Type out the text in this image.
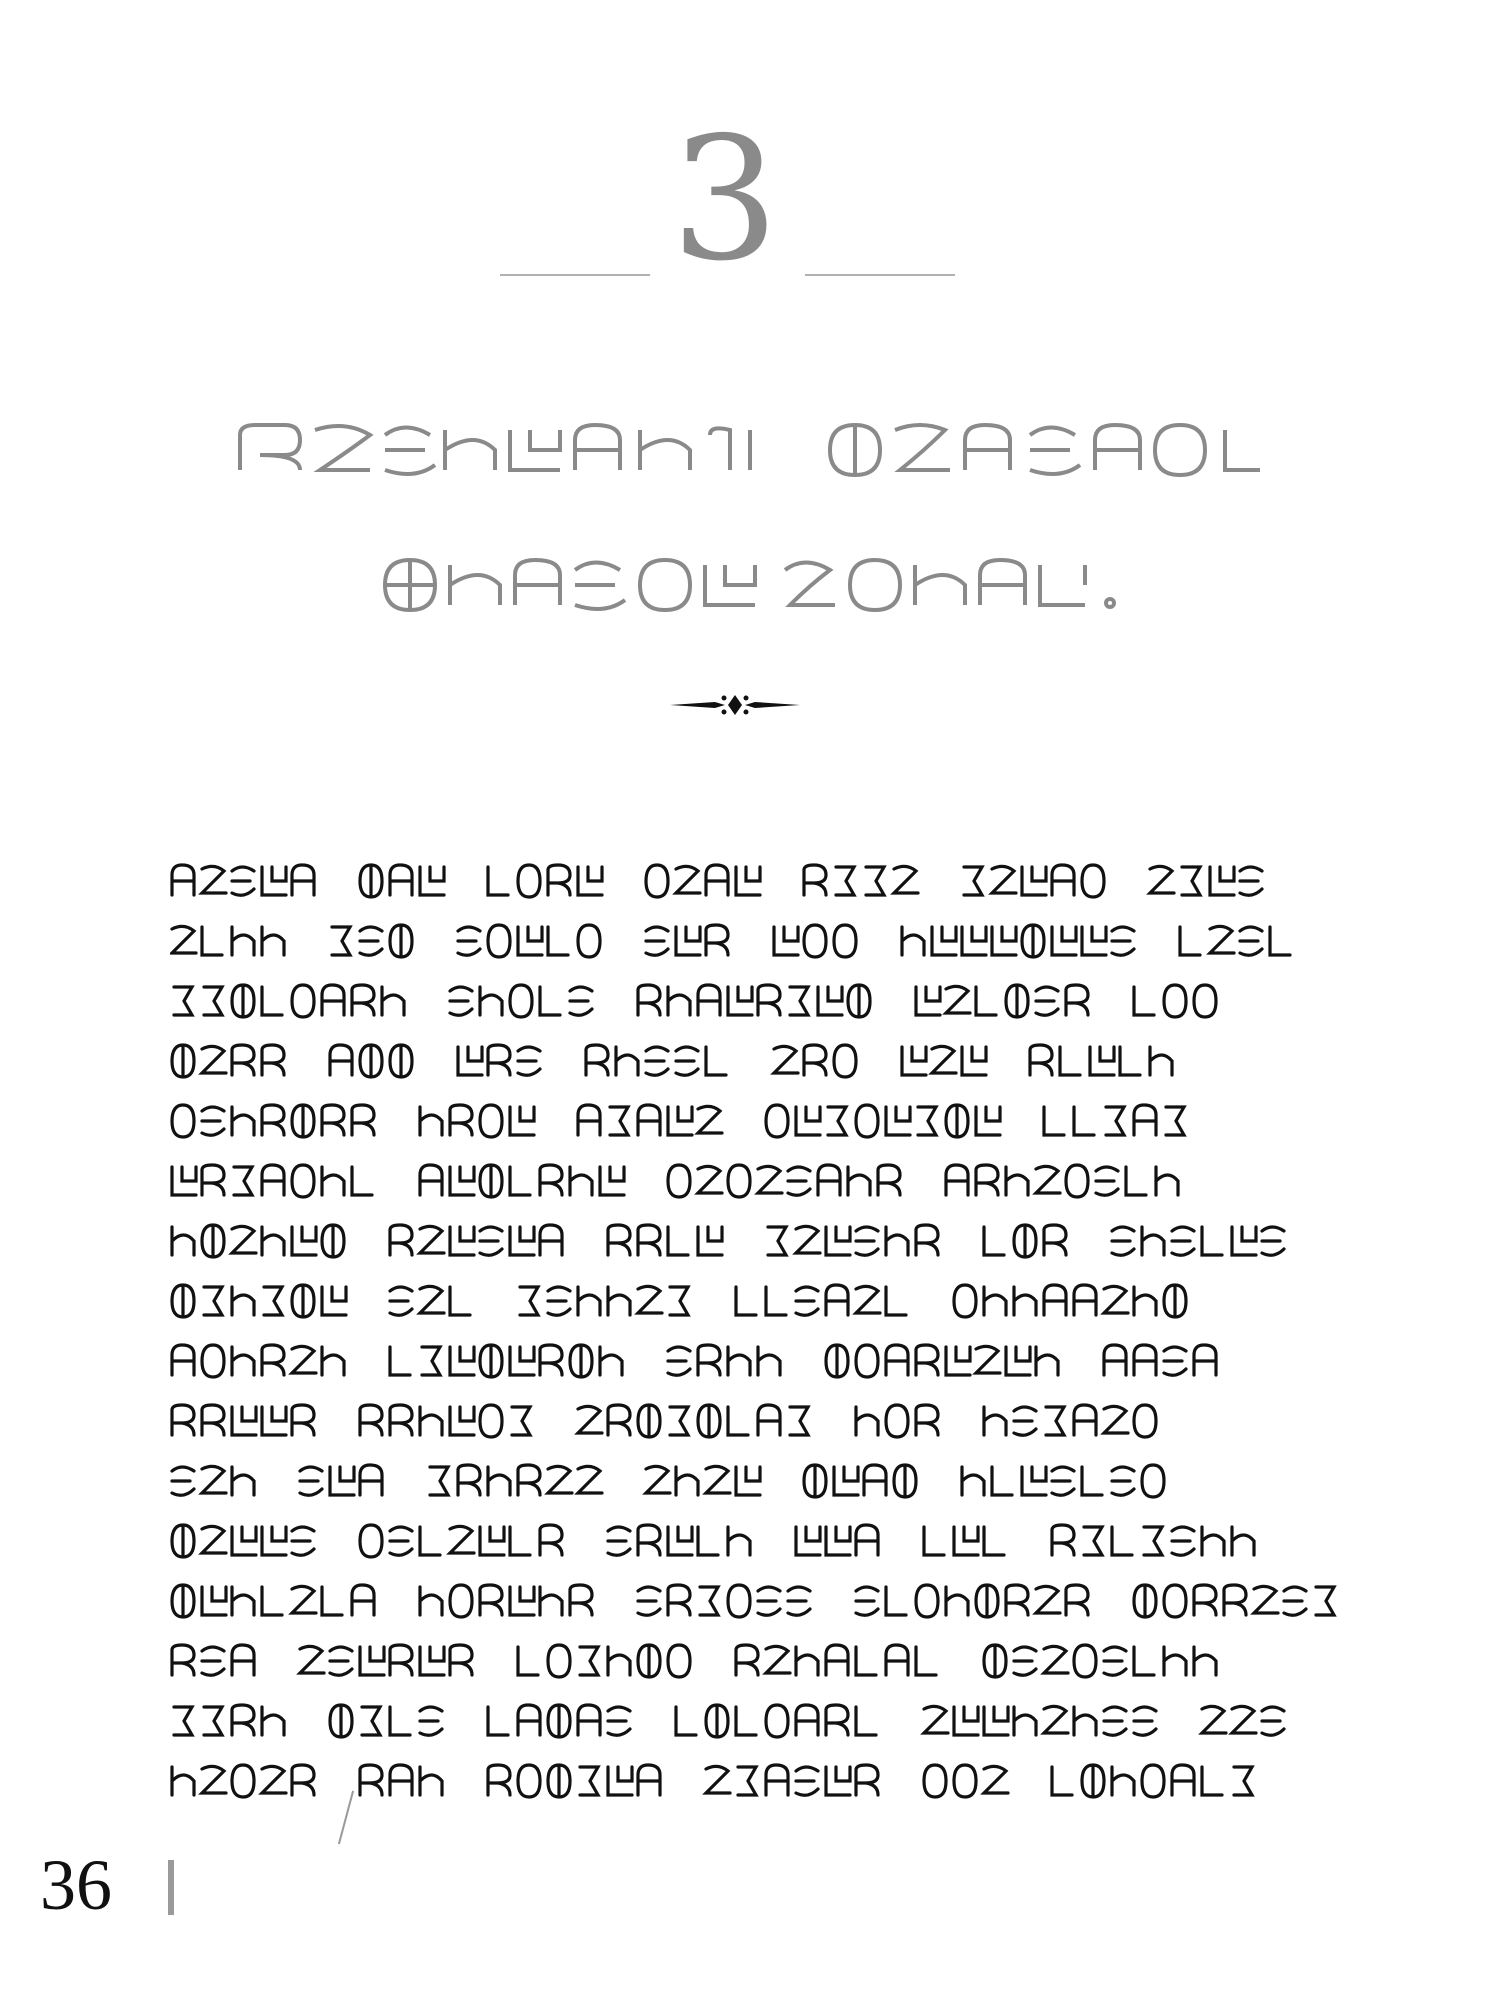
3
36
